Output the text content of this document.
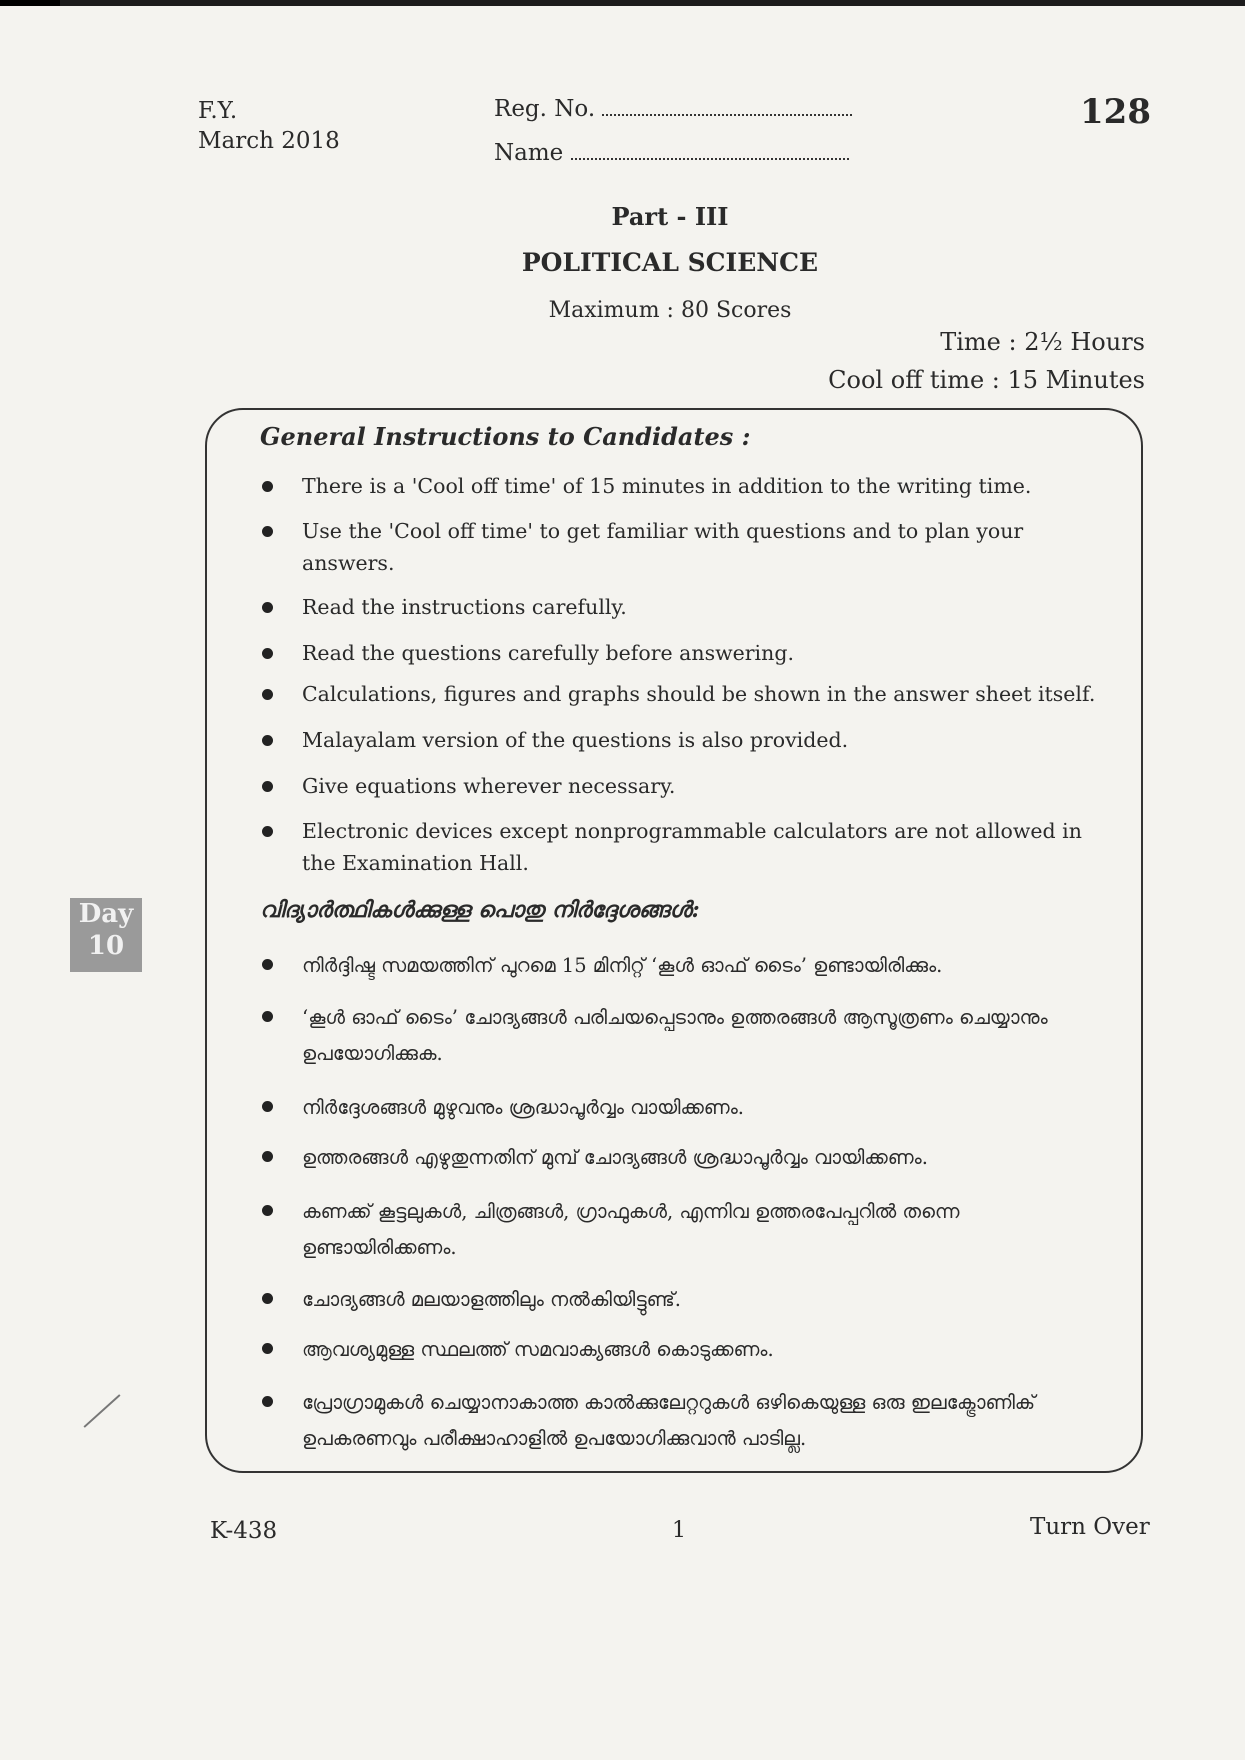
F.Y.
March 2018
Reg. No.
Name
128
Part - III
POLITICAL SCIENCE
Maximum : 80 Scores
Time : 2½ Hours
Cool off time : 15 Minutes
General Instructions to Candidates :
There is a 'Cool off time' of 15 minutes in addition to the writing time.
Use the 'Cool off time' to get familiar with questions and to plan your answers.
Read the instructions carefully.
Read the questions carefully before answering.
Calculations, figures and graphs should be shown in the answer sheet itself.
Malayalam version of the questions is also provided.
Give equations wherever necessary.
Electronic devices except nonprogrammable calculators are not allowed in the Examination Hall.
വിദ്യാർത്ഥികൾക്കുള്ള പൊതു നിർദ്ദേശങ്ങൾ:
നിർദ്ദിഷ്ട സമയത്തിന് പുറമെ 15 മിനിറ്റ് ‘കൂൾ ഓഫ് ടൈം’ ഉണ്ടായിരിക്കും.
‘കൂൾ ഓഫ് ടൈം’ ചോദ്യങ്ങൾ പരിചയപ്പെടാനും ഉത്തരങ്ങൾ ആസൂത്രണം ചെയ്യാനും ഉപയോഗിക്കുക.
നിർദ്ദേശങ്ങൾ മുഴുവനും ശ്രദ്ധാപൂർവ്വം വായിക്കണം.
ഉത്തരങ്ങൾ എഴുതുന്നതിന് മുമ്പ് ചോദ്യങ്ങൾ ശ്രദ്ധാപൂർവ്വം വായിക്കണം.
കണക്ക് കൂട്ടലുകൾ, ചിത്രങ്ങൾ, ഗ്രാഫുകൾ, എന്നിവ ഉത്തരപേപ്പറിൽ തന്നെ ഉണ്ടായിരിക്കണം.
ചോദ്യങ്ങൾ മലയാളത്തിലും നൽകിയിട്ടുണ്ട്.
ആവശ്യമുള്ള സ്ഥലത്ത് സമവാക്യങ്ങൾ കൊടുക്കണം.
പ്രോഗ്രാമുകൾ ചെയ്യാനാകാത്ത കാൽക്കുലേറ്ററുകൾ ഒഴികെയുള്ള ഒരു ഇലക്ട്രോണിക് ഉപകരണവും പരീക്ഷാഹാളിൽ ഉപയോഗിക്കുവാൻ പാടില്ല.
Day
10
K-438	1	Turn Over
